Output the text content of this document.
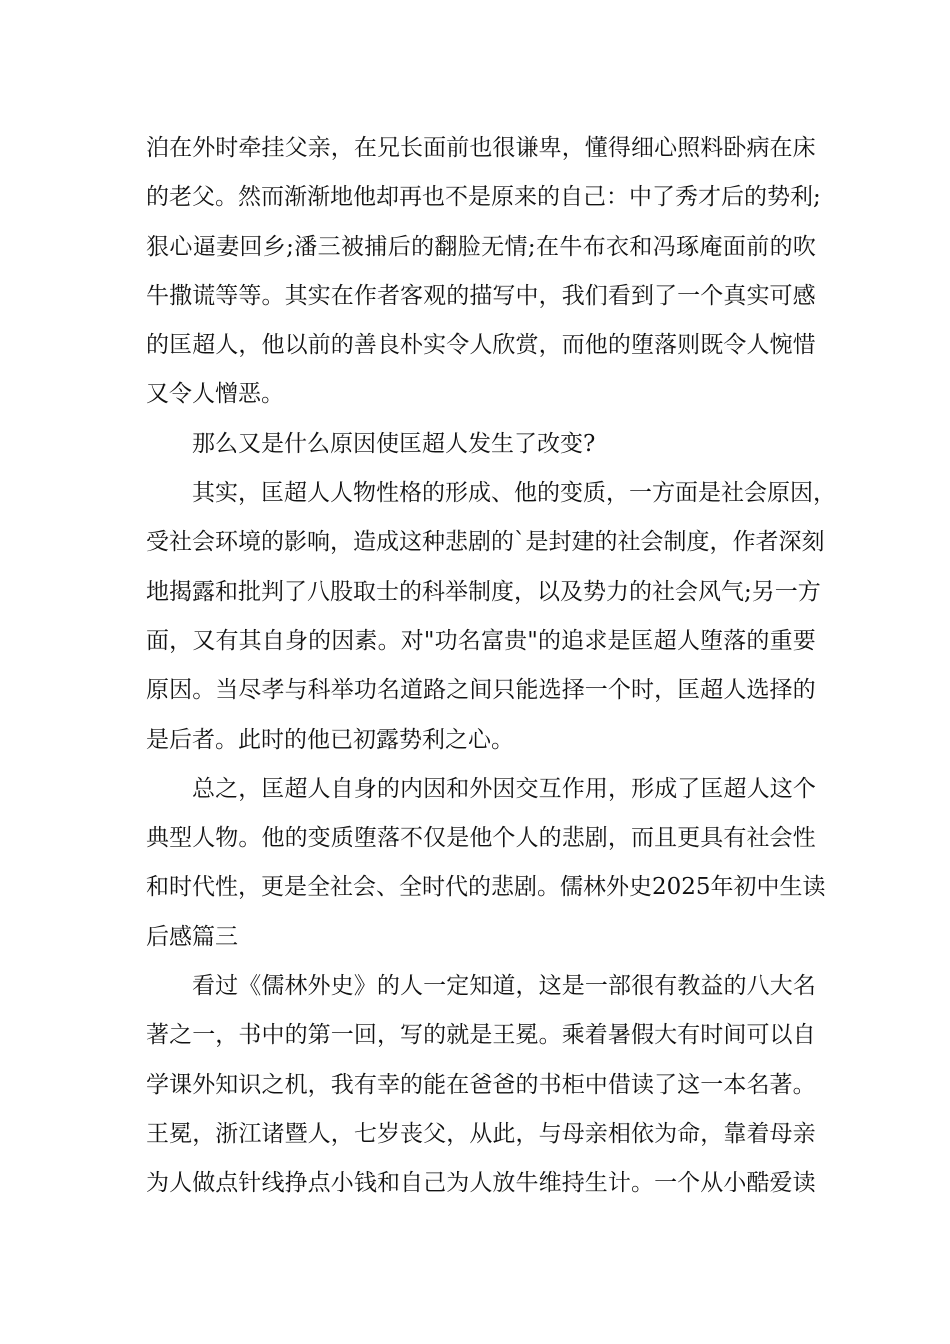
泊 在 外 时 牵 挂 父 亲 ， 在 兄 长 面 前 也 很 谦 卑 ， 懂 得 细 心 照 料 卧 病 在 床
的 老 父 。 然 而 渐 渐 地 他 却 再 也 不 是 原 来 的 自 己 ： 中 了 秀 才 后 的 势 利 ;
狠 心 逼 妻 回 乡 ; 潘 三 被 捕 后 的 翻 脸 无 情 ; 在 牛 布 衣 和 冯 琢 庵 面 前 的 吹
牛 撒 谎 等 等 。 其 实 在 作 者 客 观 的 描 写 中 ， 我 们 看 到 了 一 个 真 实 可 感
的 匡 超 人 ， 他 以 前 的 善 良 朴 实 令 人 欣 赏 ， 而 他 的 堕 落 则 既 令 人 惋 惜
又令人憎恶。
那么又是什么原因使匡超人发生了改变?
其 实 ， 匡 超 人 人 物 性 格 的 形 成 、 他 的 变 质 ， 一 方 面 是 社 会 原 因 ，
受 社 会 环 境 的 影 响 ， 造 成 这 种 悲 剧 的 ` 是 封 建 的 社 会 制 度 ， 作 者 深 刻
地 揭 露 和 批 判 了 八 股 取 士 的 科 举 制 度 ， 以 及 势 力 的 社 会 风 气 ; 另 一 方
面 ， 又 有 其 自 身 的 因 素 。 对 " 功 名 富 贵 " 的 追 求 是 匡 超 人 堕 落 的 重 要
原 因 。 当 尽 孝 与 科 举 功 名 道 路 之 间 只 能 选 择 一 个 时 ， 匡 超 人 选 择 的
是后者。此时的他已初露势利之心。
总 之 ， 匡 超 人 自 身 的 内 因 和 外 因 交 互 作 用 ， 形 成 了 匡 超 人 这 个
典 型 人 物 。 他 的 变 质 堕 落 不 仅 是 他 个 人 的 悲 剧 ， 而 且 更 具 有 社 会 性
和 时 代 性 ， 更 是 全 社 会 、 全 时 代 的 悲 剧 。 儒 林 外 史 2025 年 初 中 生 读
后感篇三
看 过 《 儒 林 外 史 》 的 人 一 定 知 道 ， 这 是 一 部 很 有 教 益 的 八 大 名
著 之 一 ， 书 中 的 第 一 回 ， 写 的 就 是 王 冕 。 乘 着 暑 假 大 有 时 间 可 以 自
学 课 外 知 识 之 机 ， 我 有 幸 的 能 在 爸 爸 的 书 柜 中 借 读 了 这 一 本 名 著 。
王 冕 ， 浙 江 诸 暨 人 ， 七 岁 丧 父 ， 从 此 ， 与 母 亲 相 依 为 命 ， 靠 着 母 亲
为 人 做 点 针 线 挣 点 小 钱 和 自 己 为 人 放 牛 维 持 生 计 。 一 个 从 小 酷 爱 读
